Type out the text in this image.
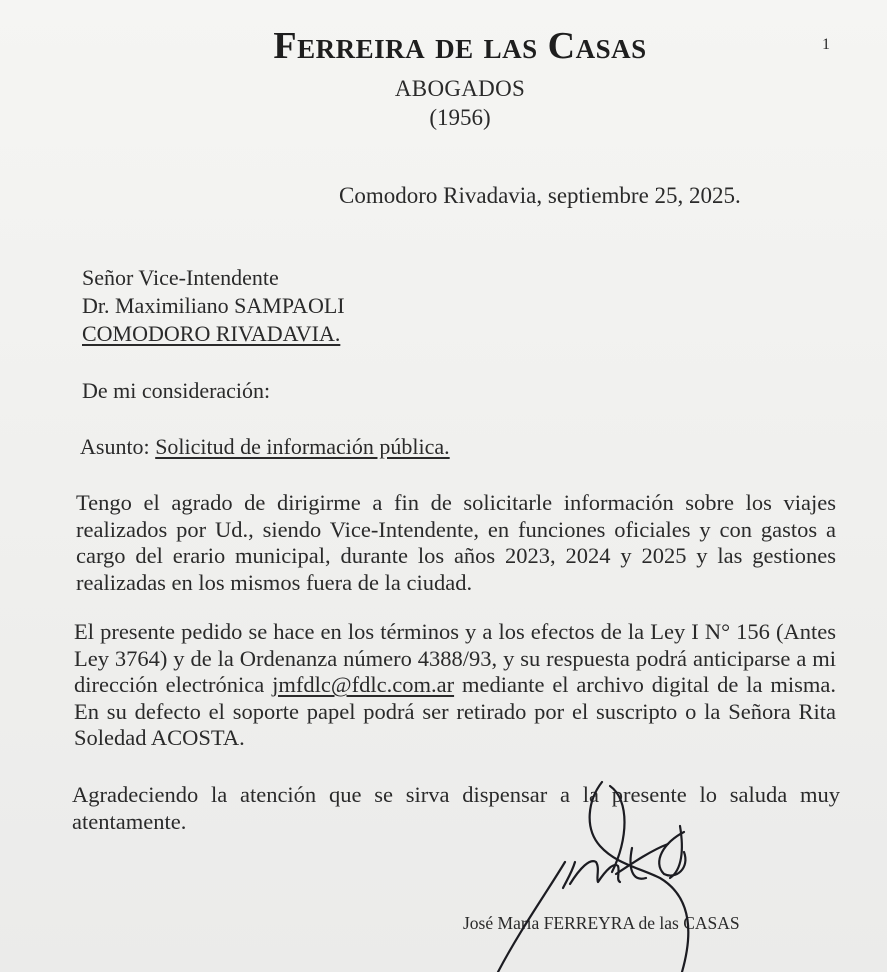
Ferreira de las Casas
ABOGADOS
(1956)
1
Comodoro Rivadavia, septiembre 25, 2025.
Señor Vice-Intendente
Dr. Maximiliano SAMPAOLI
COMODORO RIVADAVIA.
De mi consideración:
Asunto: Solicitud de información pública.

Tengo el agrado de dirigirme a fin de solicitarle información sobre los viajes realizados por Ud., siendo Vice-Intendente, en funciones oficiales y con gastos a cargo del erario municipal, durante los años 2023, 2024 y 2025 y las gestiones realizadas en los mismos fuera de la ciudad.

El presente pedido se hace en los términos y a los efectos de la Ley I N° 156 (Antes Ley 3764) y de la Ordenanza número 4388/93, y su respuesta podrá anticiparse a mi dirección electrónica jmfdlc@fdlc.com.ar mediante el archivo digital de la misma. En su defecto el soporte papel podrá ser retirado por el suscripto o la Señora Rita Soledad ACOSTA.

Agradeciendo la atención que se sirva dispensar a la presente lo saluda muy atentamente.

José María FERREYRA de las CASAS
